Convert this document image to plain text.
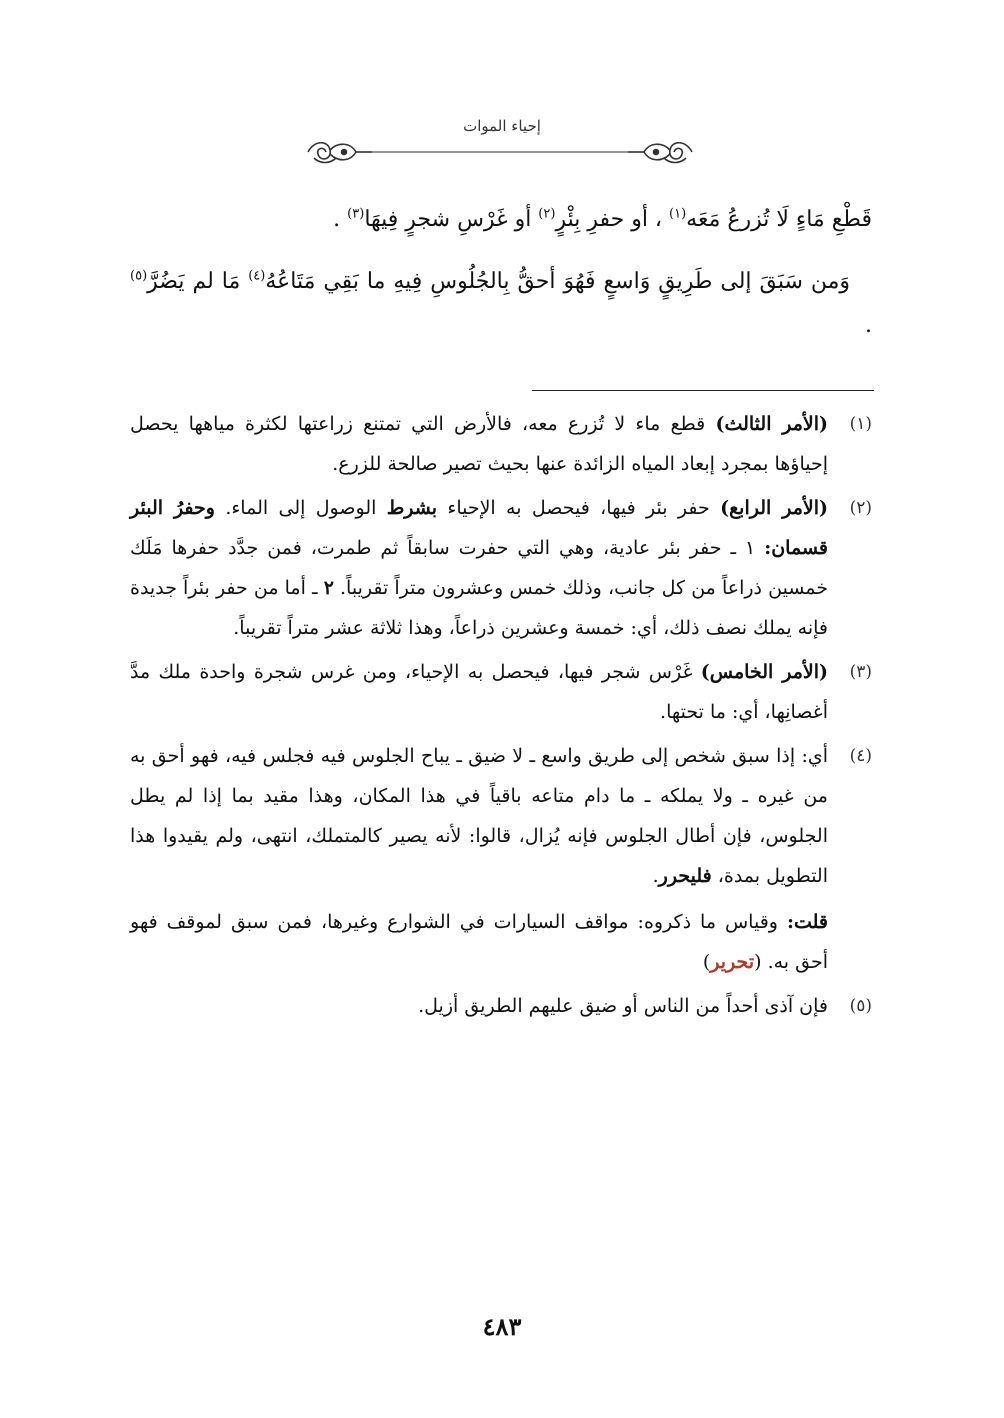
إحياء الموات

قَطْعِ مَاءٍ لَا تُزرعُ مَعَه$^{(١)}$ ، أو حفرِ بِئْرٍ$^{(٢)}$ أو غَرْسِ شجرٍ فِيهَا$^{(٣)}$ .

وَمن سَبَقَ إلى طَرِيقٍ وَاسعٍ فَهُوَ أحقُّ بِالجُلُوسِ فِيهِ ما بَقِي مَتَاعُهُ$^{(٤)}$ مَا لم يَضُرَّ$^{(٥)}$ .

(١)

(الأمر الثالث) قطع ماء لا تُزرع معه، فالأرض التي تمتنع زراعتها لكثرة مياهها يحصل إحياؤها بمجرد إبعاد المياه الزائدة عنها بحيث تصير صالحة للزرع.

(٢)

(الأمر الرابع) حفر بئر فيها، فيحصل به الإحياء بشرط الوصول إلى الماء. وحفرُ البئر قسمان: ١ ـ حفر بئر عادية، وهي التي حفرت سابقاً ثم طمرت، فمن جدَّد حفرها مَلَك خمسين ذراعاً من كل جانب، وذلك خمس وعشرون متراً تقريباً. ٢ ـ أما من حفر بئراً جديدة فإنه يملك نصف ذلك، أي: خمسة وعشرين ذراعاً، وهذا ثلاثة عشر متراً تقريباً.

(٣)

(الأمر الخامس) غَرْس شجر فيها، فيحصل به الإحياء، ومن غرس شجرة واحدة ملك مدَّ أغصانِها، أي: ما تحتها.

(٤)

أي: إذا سبق شخص إلى طريق واسع ـ لا ضيق ـ يباح الجلوس فيه فجلس فيه، فهو أحق به من غيره ـ ولا يملكه ـ ما دام متاعه باقياً في هذا المكان، وهذا مقيد بما إذا لم يطل الجلوس، فإن أطال الجلوس فإنه يُزال، قالوا: لأنه يصير كالمتملك، انتهى، ولم يقيدوا هذا التطويل بمدة، فليحرر.

قلت: وقياس ما ذكروه: مواقف السيارات في الشوارع وغيرها، فمن سبق لموقف فهو أحق به. (تحرير)

(٥)

فإن آذى أحداً من الناس أو ضيق عليهم الطريق أزيل.

٤٨٣
